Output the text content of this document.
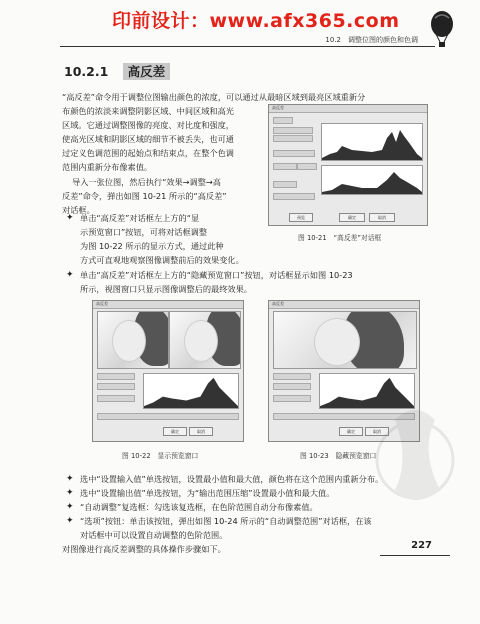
印前设计：www.afx365.com
10.2　调整位图的颜色和色调
10.2.1 高反差
“高反差”命令用于调整位图输出颜色的浓度，可以通过从最暗区域到最亮区域重新分
布颜色的浓淡来调整阴影区域、中间区域和高光
区域。它通过调整图像的亮度、对比度和强度，
使高光区域和阴影区域的细节不被丢失，也可通
过定义色调范围的起始点和结束点，在整个色调
范围内重新分布像素值。
导入一张位图，然后执行“效果→调整→高
反差”命令，弹出如图 10-21 所示的“高反差”
对话框。
高反差
预览	确定	取消
图 10-21　“高反差”对话框
✦ 单击“高反差”对话框左上方的“显
示预览窗口”按钮，可将对话框调整
为图 10-22 所示的显示方式，通过此种
方式可直观地观察图像调整前后的效果变化。
✦ 单击“高反差”对话框左上方的“隐藏预览窗口”按钮，对话框显示如图 10-23
所示，视图窗口只显示图像调整后的最终效果。
高反差
确定	取消
图 10-22　显示预览窗口
高反差
确定	取消
图 10-23　隐藏预览窗口
✦ 选中“设置输入值”单选按钮，设置最小值和最大值，颜色将在这个范围内重新分布。
✦ 选中“设置输出值”单选按钮，为“输出范围压缩”设置最小值和最大值。
✦ “自动调整”复选框：勾选该复选框，在色阶范围自动分布像素值。
✦ “选项”按钮：单击该按钮，弹出如图 10-24 所示的“自动调整范围”对话框，在该
对话框中可以设置自动调整的色阶范围。
对图像进行高反差调整的具体操作步骤如下。	227
